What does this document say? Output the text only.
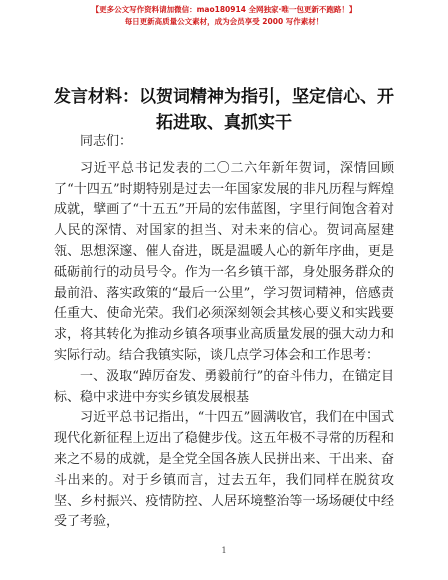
【更多公文写作资料请加微信：mao180914 全网独家·唯一包更新不跑路！】
每日更新高质量公文素材，成为会员享受 2000 写作素材！
发言材料：以贺词精神为指引，坚定信心、开拓进取、真抓实干

同志们：

习近平总书记发表的二〇二六年新年贺词，深情回顾了“十四五”时期特别是过去一年国家发展的非凡历程与辉煌成就，擘画了“十五五”开局的宏伟蓝图，字里行间饱含着对人民的深情、对国家的担当、对未来的信心。贺词高屋建瓴、思想深邃、催人奋进，既是温暖人心的新年序曲，更是砥砺前行的动员号令。作为一名乡镇干部，身处服务群众的最前沿、落实政策的“最后一公里”，学习贺词精神，倍感责任重大、使命光荣。我们必须深刻领会其核心要义和实践要求，将其转化为推动乡镇各项事业高质量发展的强大动力和实际行动。结合我镇实际，谈几点学习体会和工作思考：

一、汲取“踔厉奋发、勇毅前行”的奋斗伟力，在锚定目标、稳中求进中夯实乡镇发展根基

习近平总书记指出，“十四五”圆满收官，我们在中国式现代化新征程上迈出了稳健步伐。这五年极不寻常的历程和来之不易的成就，是全党全国各族人民拼出来、干出来、奋斗出来的。对于乡镇而言，过去五年，我们同样在脱贫攻坚、乡村振兴、疫情防控、人居环境整治等一场场硬仗中经受了考验，

1
